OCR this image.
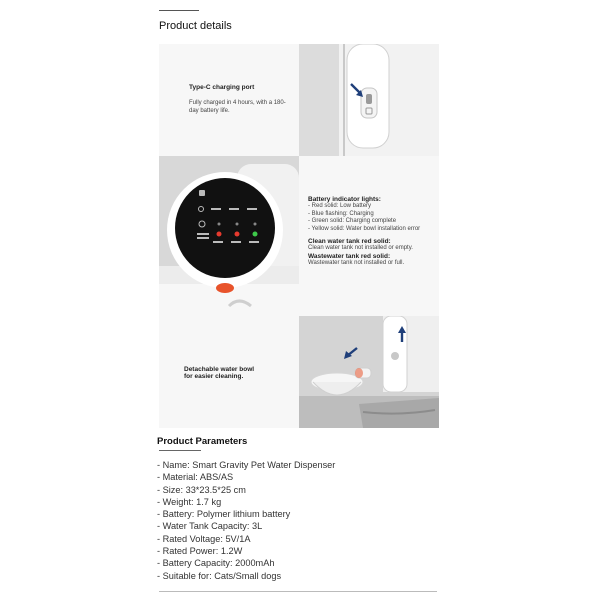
Product details
Type-C charging port
Fully charged in 4 hours, with a 180-day battery life.
Battery indicator lights:
- Red solid: Low battery
- Blue flashing: Charging
- Green solid: Charging complete
- Yellow solid: Water bowl installation error
Clean water tank red solid:
Clean water tank not installed or empty.
Wastewater tank red solid:
Wastewater tank not installed or full.
Detachable water bowl
for easier cleaning.
Product Parameters
- Name: Smart Gravity Pet Water Dispenser
- Material: ABS/AS
- Size: 33*23.5*25 cm
- Weight: 1.7 kg
- Battery: Polymer lithium battery
- Water Tank Capacity: 3L
- Rated Voltage: 5V/1A
- Rated Power: 1.2W
- Battery Capacity: 2000mAh
- Suitable for: Cats/Small dogs
